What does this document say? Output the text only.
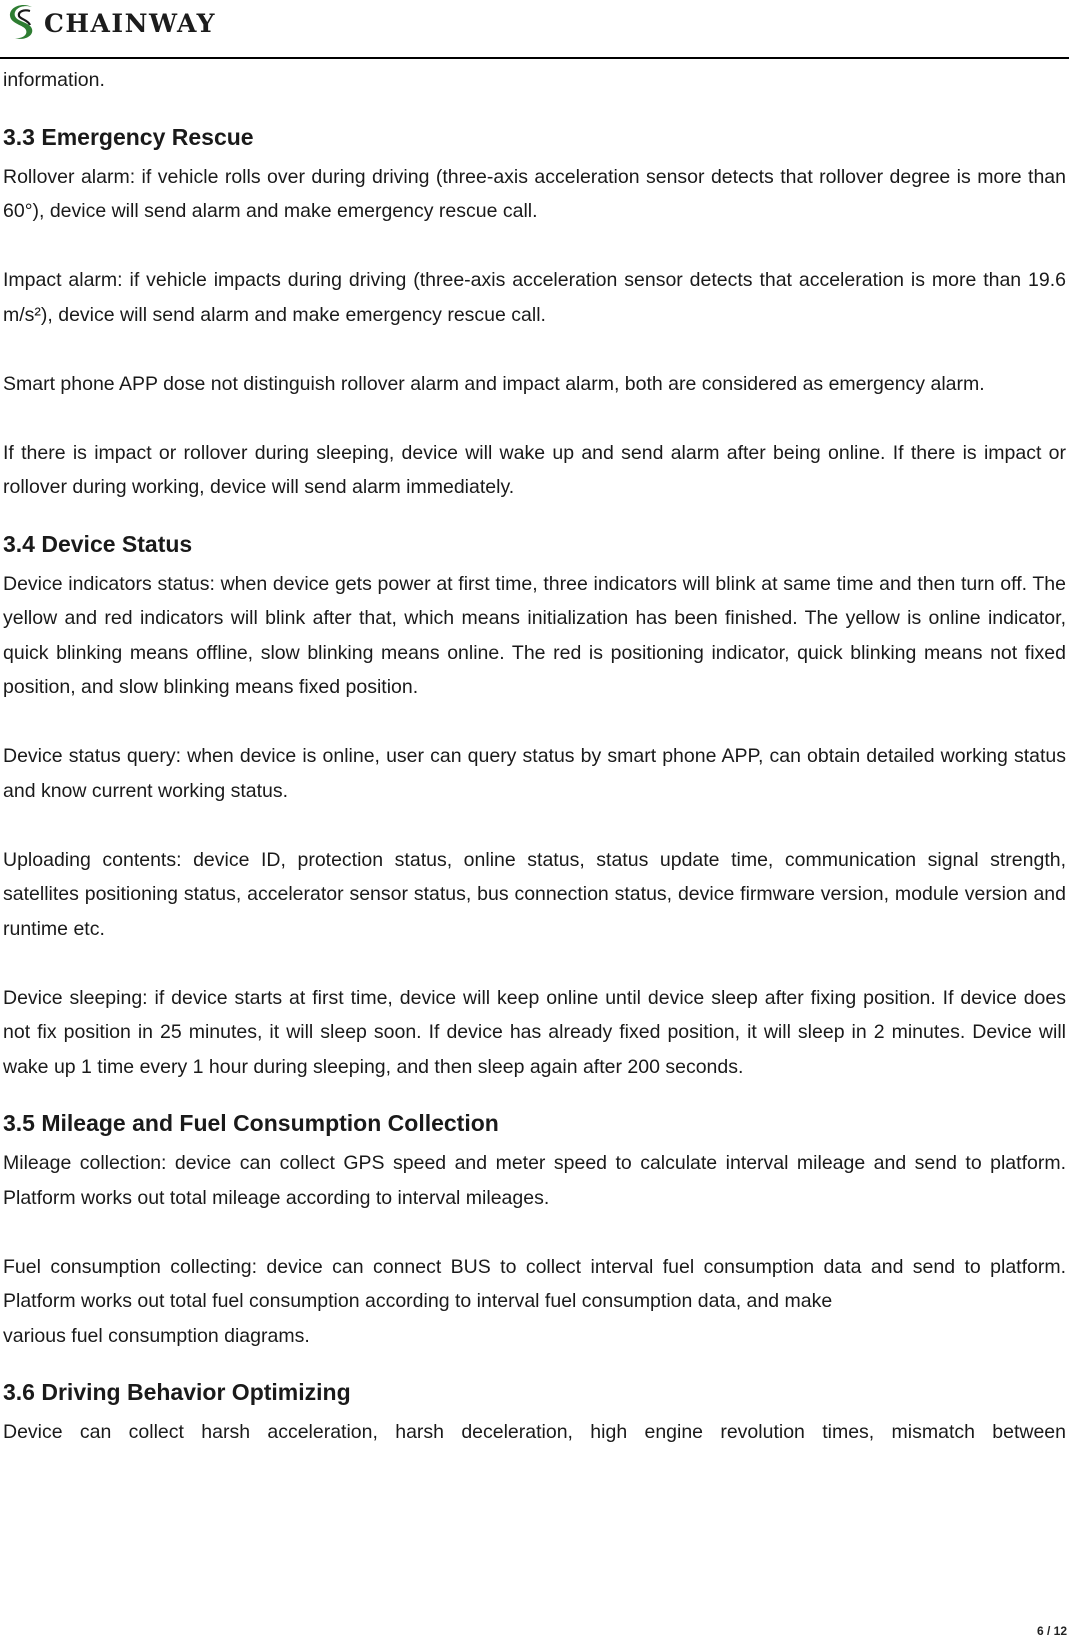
CHAINWAY

information.

3.3 Emergency Rescue

Rollover alarm: if vehicle rolls over during driving (three-axis acceleration sensor detects that rollover degree is more than 60°), device will send alarm and make emergency rescue call.

Impact alarm: if vehicle impacts during driving (three-axis acceleration sensor detects that acceleration is more than 19.6 m/s²), device will send alarm and make emergency rescue call.

Smart phone APP dose not distinguish rollover alarm and impact alarm, both are considered as emergency alarm.

If there is impact or rollover during sleeping, device will wake up and send alarm after being online. If there is impact or rollover during working, device will send alarm immediately.

3.4 Device Status

Device indicators status: when device gets power at first time, three indicators will blink at same time and then turn off. The yellow and red indicators will blink after that, which means initialization has been finished. The yellow is online indicator, quick blinking means offline, slow blinking means online. The red is positioning indicator, quick blinking means not fixed position, and slow blinking means fixed position.

Device status query: when device is online, user can query status by smart phone APP, can obtain detailed working status and know current working status.

Uploading contents: device ID, protection status, online status, status update time, communication signal strength, satellites positioning status, accelerator sensor status, bus connection status, device firmware version, module version and runtime etc.

Device sleeping: if device starts at first time, device will keep online until device sleep after fixing position. If device does not fix position in 25 minutes, it will sleep soon. If device has already fixed position, it will sleep in 2 minutes. Device will wake up 1 time every 1 hour during sleeping, and then sleep again after 200 seconds.

3.5 Mileage and Fuel Consumption Collection

Mileage collection: device can collect GPS speed and meter speed to calculate interval mileage and send to platform. Platform works out total mileage according to interval mileages.

Fuel consumption collecting: device can connect BUS to collect interval fuel consumption data and send to platform. Platform works out total fuel consumption according to interval fuel consumption data, and make

various fuel consumption diagrams.

3.6 Driving Behavior Optimizing

Device can collect harsh acceleration, harsh deceleration, high engine revolution times, mismatch between

6 / 12
